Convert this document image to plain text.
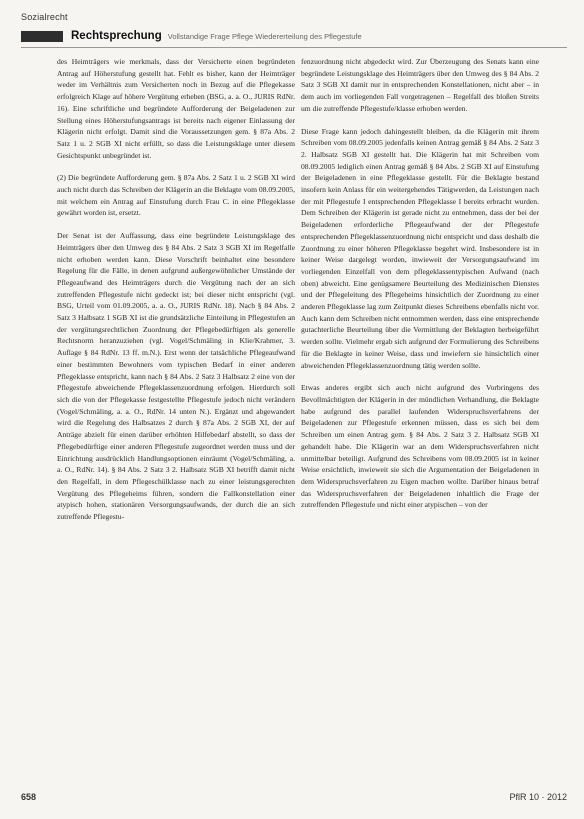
Sozialrecht
Rechtsprechung Vollstandige Frage Pflege Wiedererteilung des Pflegestufe

des Heimträgers wie merkmals, dass der Versicherte einen begründeten Antrag auf Höherstufung gestellt hat. Fehlt es bisher, kann der Heimträger weder im Verhältnis zum Versicherten noch in Bezug auf die Pflegekasse erfolgreich Klage auf höhere Vergütung erheben (BSG, a. a. O., JURIS RdNr. 16). Eine schriftliche und begründete Aufforderung der Beigeladenen zur Stellung eines Höherstufungsantrags ist bereits nach eigener Einlassung der Klägerin nicht erfolgt. Damit sind die Voraussetzungen gem. § 87a Abs. 2 Satz 1 u. 2 SGB XI nicht erfüllt, so dass die Leistungsklage unter diesem Gesichtspunkt unbegründet ist.

(2) Die begründete Aufforderung gem. § 87a Abs. 2 Satz 1 u. 2 SGB XI wird auch nicht durch das Schreiben der Klägerin an die Beklagte vom 08.09.2005, mit welchem ein Antrag auf Einstufung durch Frau C. in eine Pflegeklasse gewährt worden ist, ersetzt.

Der Senat ist der Auffassung, dass eine begründete Leistungsklage des Heimträgers über den Umweg des § 84 Abs. 2 Satz 3 SGB XI im Regelfalle nicht erhoben werden kann. Diese Vorschrift beinhaltet eine besondere Regelung für die Fälle, in denen aufgrund außergewöhnlicher Umstände der Pflegeaufwand des Heimträgers durch die Vergütung nach der an sich zutreffenden Pflegestufe nicht gedeckt ist; bei dieser nicht entspricht (vgl. BSG, Urteil vom 01.09.2005, a. a. O., JURIS RdNr. 18). Nach § 84 Abs. 2 Satz 3 Halbsatz 1 SGB XI ist die grundsätzliche Einteilung in Pflegestufen an der vergütungsrechtlichen Zuordnung der Pflegebedürftigen als generelle Rechtsnorm heranzuziehen (vgl. Vogel/Schmäling in Klie/Krahmer, 3. Auflage § 84 RdNr. 13 ff. m.N.). Erst wenn der tatsächliche Pflegeaufwand einer bestimmten Bewohners vom typischen Bedarf in einer anderen Pflegeklasse entspricht, kann nach § 84 Abs. 2 Satz 3 Halbsatz 2 eine von der Pflegestufe abweichende Pflegeklassenzuordnung erfolgen. Hierdurch soll sich die von der Pflegekasse festgestellte Pflegestufe jedoch nicht verändern (Vogel/Schmäling, a. a. O., RdNr. 14 unten N.). Ergänzt und abgewandert wird die Regelung des Halbsatzes 2 durch § 87a Abs. 2 SGB XI, der auf Anträge abzielt für einen darüber erhöhten Hilfebedarf abstellt, so dass der Pflegebedürftige einer anderen Pflegestufe zugeordnet werden muss und der Einrichtung ausdrücklich Handlungsoptionen einräumt (Vogel/Schmäling, a. a. O., RdNr. 14). § 84 Abs. 2 Satz 3 2. Halbsatz SGB XI betrifft damit nicht den Regelfall, in dem Pflegeschülklasse nach zu einer leistungsgerechten Vergütung des Pflegeheims führen, sondern die Fallkonstellation einer atypisch hohen, stationären Versorgungsaufwands, der durch die an sich zutreffende Pflegestu-

fenzuordnung nicht abgedeckt wird. Zur Überzeugung des Senats kann eine begründete Leistungsklage des Heimträgers über den Umweg des § 84 Abs. 2 Satz 3 SGB XI damit nur in entsprechenden Konstellationen, nicht aber – in dem auch im vorliegenden Fall vorgetragenen – Regelfall des bloßen Streits um die zutreffende Pflegestufe/klasse erhoben werden.

Diese Frage kann jedoch dahingestellt bleiben, da die Klägerin mit ihrem Schreiben vom 08.09.2005 jedenfalls keinen Antrag gemäß § 84 Abs. 2 Satz 3 2. Halbsatz SGB XI gestellt hat. Die Klägerin hat mit Schreiben vom 08.09.2005 lediglich einen Antrag gemäß § 84 Abs. 2 SGB XI auf Einstufung der Beigeladenen in eine Pflegeklasse gestellt. Für die Beklagte bestand insofern kein Anlass für ein weitergehendes Tätigwerden, da Leistungen nach der mit Pflegestufe I entsprechenden Pflegeklasse I bereits erbracht wurden. Dem Schreiben der Klägerin ist gerade nicht zu entnehmen, dass der bei der Beigeladenen erforderliche Pflegeaufwand der der Pflegestufe entsprechenden Pflegeklassenzuordnung nicht entspricht und dass deshalb die Zuordnung zu einer höheren Pflegeklasse begehrt wird. Insbesondere ist in keiner Weise dargelegt worden, inwieweit der Versorgungsaufwand im vorliegenden Einzelfall von dem pflegeklassentypischen Aufwand (nach oben) abweicht. Eine genügsamere Beurteilung des Medizinischen Dienstes und der Pflegeleitung des Pflegeheims hinsichtlich der Zuordnung zu einer anderen Pflegeklasse lag zum Zeitpunkt dieses Schreibens ebenfalls nicht vor. Auch kann dem Schreiben nicht entnommen werden, dass eine entsprechende gutachterliche Beurteilung über die Vermittlung der Beklagten herbeigeführt werden sollte. Vielmehr ergab sich aufgrund der Formulierung des Schreibens für die Beklagte in keiner Weise, dass und inwiefern sie hinsichtlich einer abweichenden Pflegeklassenzuordnung tätig werden sollte.

Etwas anderes ergibt sich auch nicht aufgrund des Vorbringens des Bevollmächtigten der Klägerin in der mündlichen Verhandlung, die Beklagte habe aufgrund des parallel laufenden Widerspruchsverfahrens der Beigeladenen zur Pflegestufe erkennen müssen, dass es sich bei dem Schreiben um einen Antrag gem. § 84 Abs. 2 Satz 3 2. Halbsatz SGB XI gehandelt habe. Die Klägerin war an dem Widerspruchsverfahren nicht unmittelbar beteiligt. Aufgrund des Schreibens vom 08.09.2005 ist in keiner Weise ersichtlich, inwieweit sie sich die Argumentation der Beigeladenen in dem Widerspruchsverfahren zu Eigen machen wollte. Darüber hinaus betraf das Widerspruchsverfahren der Beigeladenen inhaltlich die Frage der zutreffenden Pflegestufe und nicht einer atypischen – von der

658	PflR 10 · 2012
